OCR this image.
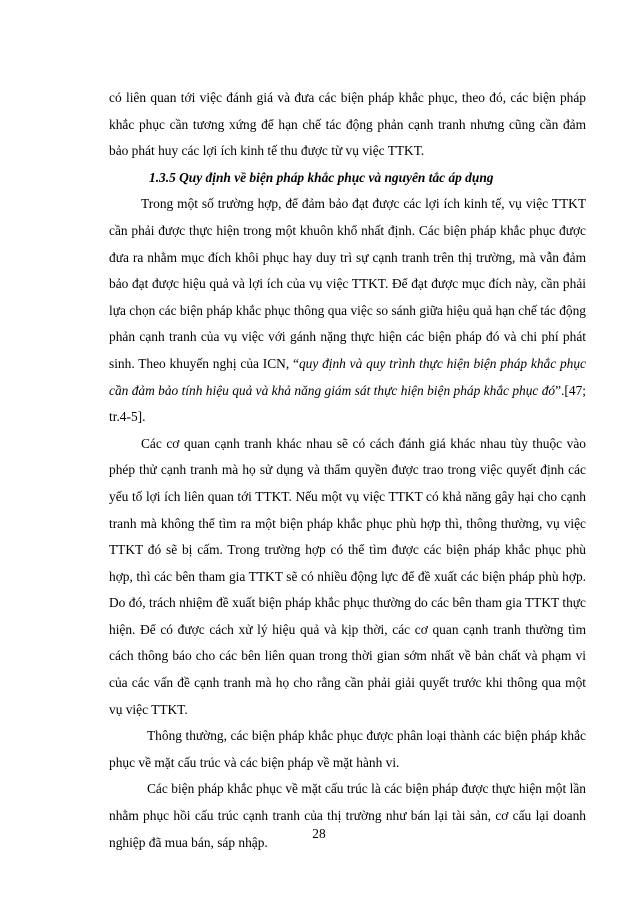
có liên quan tới việc đánh giá và đưa các biện pháp khắc phục, theo đó, các biện pháp khắc phục cần tương xứng để hạn chế tác động phản cạnh tranh nhưng cũng cần đảm bảo phát huy các lợi ích kinh tế thu được từ vụ việc TTKT.

1.3.5 Quy định về biện pháp khắc phục và nguyên tắc áp dụng

Trong một số trường hợp, để đảm bảo đạt được các lợi ích kinh tế, vụ việc TTKT cần phải được thực hiện trong một khuôn khổ nhất định. Các biện pháp khắc phục được đưa ra nhằm mục đích khôi phục hay duy trì sự cạnh tranh trên thị trường, mà vẫn đảm bảo đạt được hiệu quả và lợi ích của vụ việc TTKT. Để đạt được mục đích này, cần phải lựa chọn các biện pháp khắc phục thông qua việc so sánh giữa hiệu quả hạn chế tác động phản cạnh tranh của vụ việc với gánh nặng thực hiện các biện pháp đó và chi phí phát sinh. Theo khuyến nghị của ICN, “quy định và quy trình thực hiện biện pháp khắc phục cần đảm bảo tính hiệu quả và khả năng giám sát thực hiện biện pháp khắc phục đó”.[47; tr.4-5].

Các cơ quan cạnh tranh khác nhau sẽ có cách đánh giá khác nhau tùy thuộc vào phép thử cạnh tranh mà họ sử dụng và thẩm quyền được trao trong việc quyết định các yếu tố lợi ích liên quan tới TTKT. Nếu một vụ việc TTKT có khả năng gây hại cho cạnh tranh mà không thể tìm ra một biện pháp khắc phục phù hợp thì, thông thường, vụ việc TTKT đó sẽ bị cấm. Trong trường hợp có thể tìm được các biện pháp khắc phục phù hợp, thì các bên tham gia TTKT sẽ có nhiều động lực để đề xuất các biện pháp phù hợp. Do đó, trách nhiệm đề xuất biện pháp khắc phục thường do các bên tham gia TTKT thực hiện. Để có được cách xử lý hiệu quả và kịp thời, các cơ quan cạnh tranh thường tìm cách thông báo cho các bên liên quan trong thời gian sớm nhất về bản chất và phạm vi của các vấn đề cạnh tranh mà họ cho rằng cần phải giải quyết trước khi thông qua một vụ việc TTKT.

Thông thường, các biện pháp khắc phục được phân loại thành các biện pháp khắc phục về mặt cấu trúc và các biện pháp về mặt hành vi.

Các biện pháp khắc phục về mặt cấu trúc là các biện pháp được thực hiện một lần nhằm phục hồi cấu trúc cạnh tranh của thị trường như bán lại tài sản, cơ cấu lại doanh nghiệp đã mua bán, sáp nhập.

28
